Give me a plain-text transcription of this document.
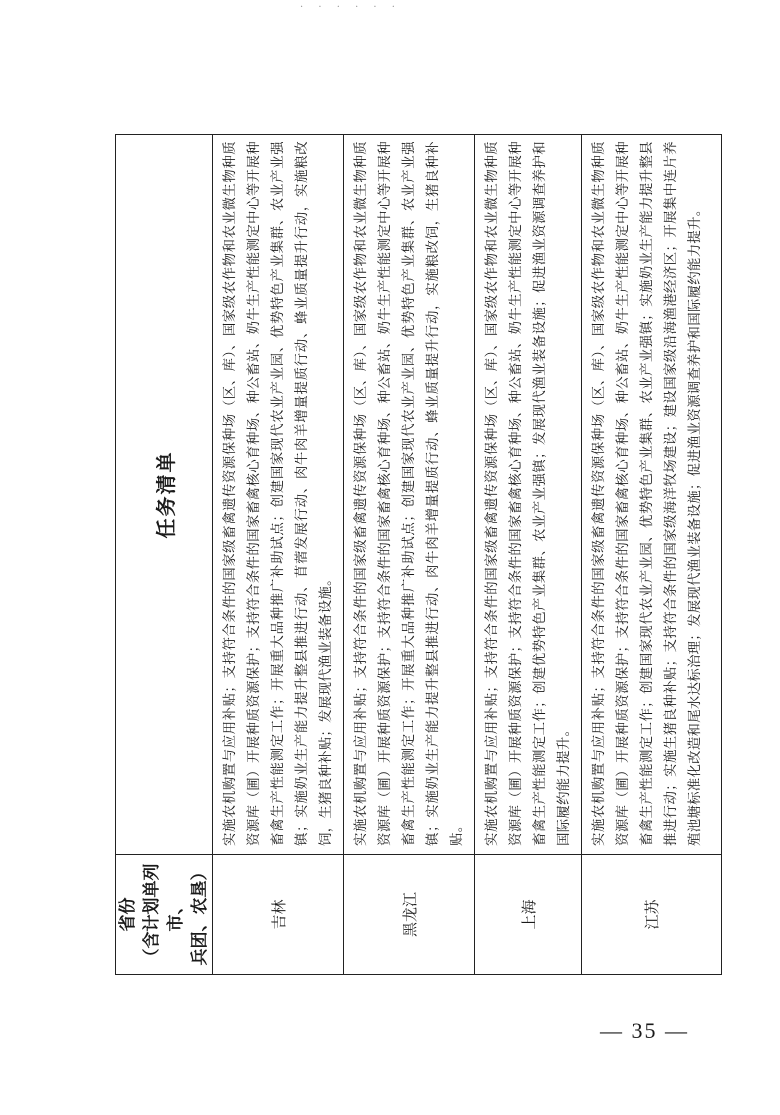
· · · · · ·
省份 （含计划单列市、 兵团、农垦）	任务清单
吉林	实施农机购置与应用补贴；支持符合条件的国家级畜禽遗传资源保种场（区、库）、国家级农作物和农业微生物种质资源库（圃）开展种质资源保护；支持符合条件的国家畜禽核心育种场、种公畜站、奶牛生产性能测定中心等开展种畜禽生产性能测定工作；开展重大品种推广补助试点；创建国家现代农业产业园、优势特色产业集群、农业产业强镇；实施奶业生产能力提升整县推进行动、苜蓿发展行动、肉牛肉羊增量提质行动、蜂业质量提升行动，实施粮改饲，生猪良种补贴；发展现代渔业装备设施。
黑龙江	实施农机购置与应用补贴；支持符合条件的国家级畜禽遗传资源保种场（区、库）、国家级农作物和农业微生物种质资源库（圃）开展种质资源保护；支持符合条件的国家畜禽核心育种场、种公畜站、奶牛生产性能测定中心等开展种畜禽生产性能测定工作；开展重大品种推广补助试点；创建国家现代农业产业园、优势特色产业集群、农业产业强镇；实施奶业生产能力提升整县推进行动、肉牛肉羊增量提质行动、蜂业质量提升行动，实施粮改饲，生猪良种补贴。
上海	实施农机购置与应用补贴；支持符合条件的国家级畜禽遗传资源保种场（区、库）、国家级农作物和农业微生物种质资源库（圃）开展种质资源保护；支持符合条件的国家畜禽核心育种场、种公畜站、奶牛生产性能测定中心等开展种畜禽生产性能测定工作；创建优势特色产业集群、农业产业强镇；发展现代渔业装备设施；促进渔业资源调查养护和国际履约能力提升。
江苏	实施农机购置与应用补贴；支持符合条件的国家级畜禽遗传资源保种场（区、库）、国家级农作物和农业微生物种质资源库（圃）开展种质资源保护；支持符合条件的国家畜禽核心育种场、种公畜站、奶牛生产性能测定中心等开展种畜禽生产性能测定工作；创建国家现代农业产业园、优势特色产业集群、农业产业强镇；实施奶业生产能力提升整县推进行动；实施生猪良种补贴；支持符合条件的国家级海洋牧场建设；建设国家级沿海渔港经济区；开展集中连片养殖池塘标准化改造和尾水达标治理；发展现代渔业装备设施；促进渔业资源调查养护和国际履约能力提升。
— 35 —
